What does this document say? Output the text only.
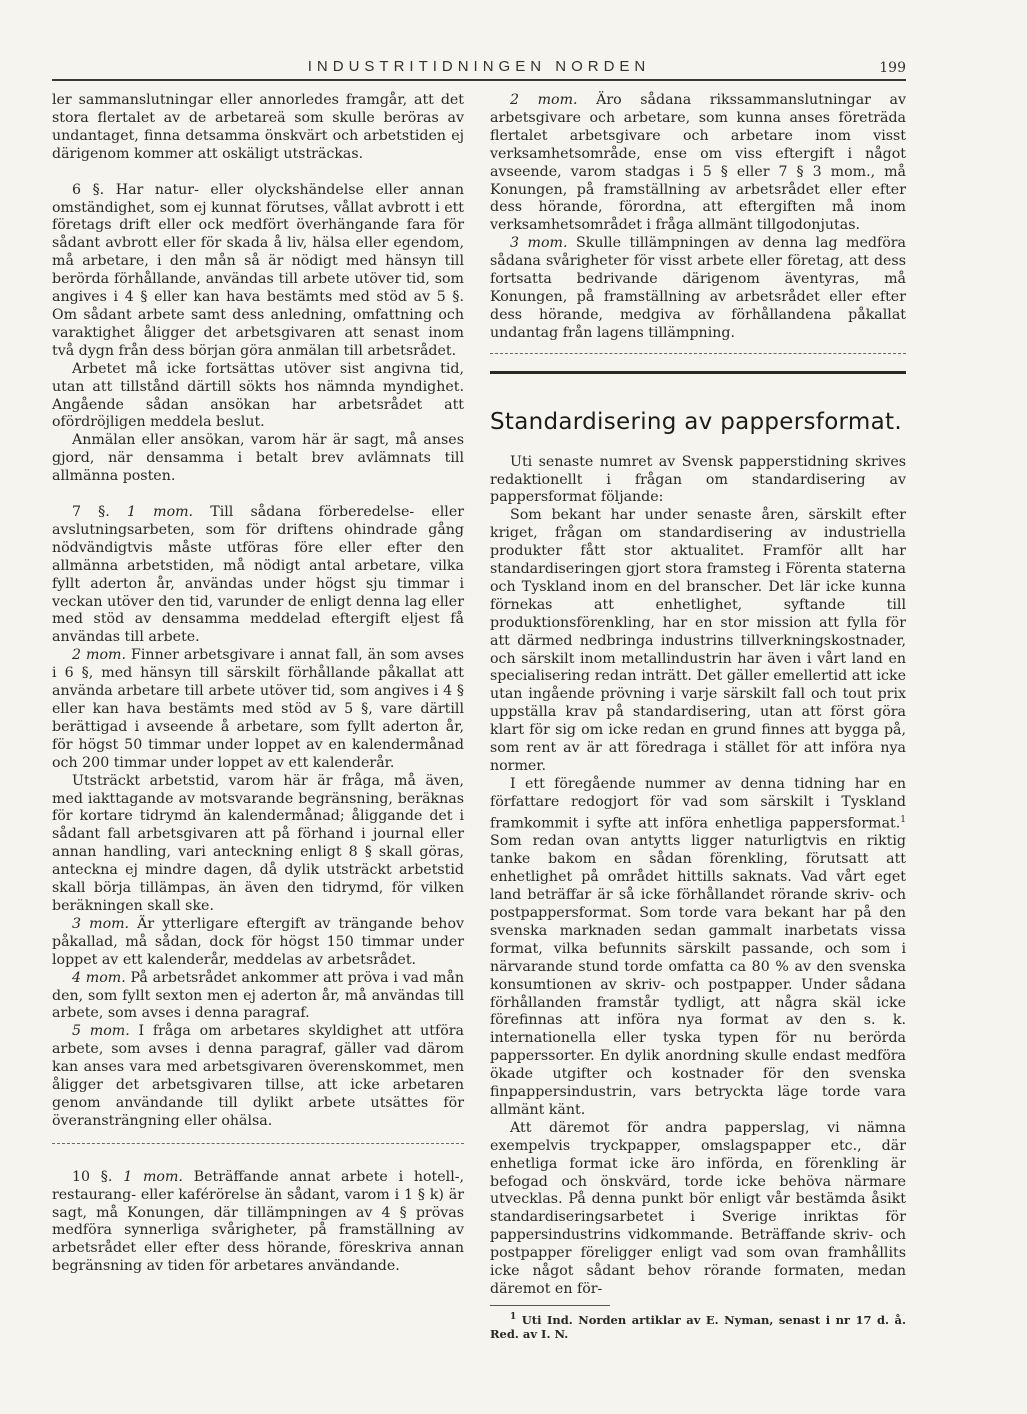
INDUSTRITIDNINGEN NORDEN	199

ler sammanslutningar eller annorledes framgår, att det stora flertalet av de arbetareä som skulle beröras av undantaget, finna detsamma önskvärt och arbetstiden ej därigenom kommer att oskäligt utsträckas.

6 §. Har natur- eller olyckshändelse eller annan omständighet, som ej kunnat förutses, vållat avbrott i ett företags drift eller ock medfört överhängande fara för sådant avbrott eller för skada å liv, hälsa eller egendom, må arbetare, i den mån så är nödigt med hänsyn till berörda förhållande, användas till arbete utöver tid, som angives i 4 § eller kan hava bestämts med stöd av 5 §. Om sådant arbete samt dess anledning, omfattning och varaktighet åligger det arbetsgivaren att senast inom två dygn från dess början göra anmälan till arbetsrådet.

Arbetet må icke fortsättas utöver sist angivna tid, utan att tillstånd därtill sökts hos nämnda myndighet. Angående sådan ansökan har arbetsrådet att ofördröjligen meddela beslut.

Anmälan eller ansökan, varom här är sagt, må anses gjord, när densamma i betalt brev avlämnats till allmänna posten.

7 §. 1 mom. Till sådana förberedelse- eller avslutningsarbeten, som för driftens ohindrade gång nödvändigtvis måste utföras före eller efter den allmänna arbetstiden, må nödigt antal arbetare, vilka fyllt aderton år, användas under högst sju timmar i veckan utöver den tid, varunder de enligt denna lag eller med stöd av densamma meddelad eftergift eljest få användas till arbete.

2 mom. Finner arbetsgivare i annat fall, än som avses i 6 §, med hänsyn till särskilt förhållande påkallat att använda arbetare till arbete utöver tid, som angives i 4 § eller kan hava bestämts med stöd av 5 §, vare därtill berättigad i avseende å arbetare, som fyllt aderton år, för högst 50 timmar under loppet av en kalendermånad och 200 timmar under loppet av ett kalenderår.

Utsträckt arbetstid, varom här är fråga, må även, med iakttagande av motsvarande begränsning, beräknas för kortare tidrymd än kalendermånad; åliggande det i sådant fall arbetsgivaren att på förhand i journal eller annan handling, vari anteckning enligt 8 § skall göras, anteckna ej mindre dagen, då dylik utsträckt arbetstid skall börja tillämpas, än även den tidrymd, för vilken beräkningen skall ske.

3 mom. Är ytterligare eftergift av trängande behov påkallad, må sådan, dock för högst 150 timmar under loppet av ett kalenderår, meddelas av arbetsrådet.

4 mom. På arbetsrådet ankommer att pröva i vad mån den, som fyllt sexton men ej aderton år, må användas till arbete, som avses i denna paragraf.

5 mom. I fråga om arbetares skyldighet att utföra arbete, som avses i denna paragraf, gäller vad därom kan anses vara med arbetsgivaren överenskommet, men åligger det arbetsgivaren tillse, att icke arbetaren genom användande till dylikt arbete utsättes för överansträngning eller ohälsa.

10 §. 1 mom. Beträffande annat arbete i hotell-, restaurang- eller kaférörelse än sådant, varom i 1 § k) är sagt, må Konungen, där tillämpningen av 4 § prövas medföra synnerliga svårigheter, på framställning av arbetsrådet eller efter dess hörande, föreskriva annan begränsning av tiden för arbetares användande.

2 mom. Äro sådana rikssammanslutningar av arbetsgivare och arbetare, som kunna anses företräda flertalet arbetsgivare och arbetare inom visst verksamhetsområde, ense om viss eftergift i något avseende, varom stadgas i 5 § eller 7 § 3 mom., må Konungen, på framställning av arbetsrådet eller efter dess hörande, förordna, att eftergiften må inom verksamhetsområdet i fråga allmänt tillgodonjutas.

3 mom. Skulle tillämpningen av denna lag medföra sådana svårigheter för visst arbete eller företag, att dess fortsatta bedrivande därigenom äventyras, må Konungen, på framställning av arbetsrådet eller efter dess hörande, medgiva av förhållandena påkallat undantag från lagens tillämpning.

Standardisering av pappersformat.

Uti senaste numret av Svensk papperstidning skrives redaktionellt i frågan om standardisering av pappersformat följande:

Som bekant har under senaste åren, särskilt efter kriget, frågan om standardisering av industriella produkter fått stor aktualitet. Framför allt har standardiseringen gjort stora framsteg i Förenta staterna och Tyskland inom en del branscher. Det lär icke kunna förnekas att enhetlighet, syftande till produktionsförenkling, har en stor mission att fylla för att därmed nedbringa industrins tillverkningskostnader, och särskilt inom metallindustrin har även i vårt land en specialisering redan inträtt. Det gäller emellertid att icke utan ingående prövning i varje särskilt fall och tout prix uppställa krav på standardisering, utan att först göra klart för sig om icke redan en grund finnes att bygga på, som rent av är att föredraga i stället för att införa nya normer.

I ett föregående nummer av denna tidning har en författare redogjort för vad som särskilt i Tyskland framkommit i syfte att införa enhetliga pappersformat.$^1$ Som redan ovan antytts ligger naturligtvis en riktig tanke bakom en sådan förenkling, förutsatt att enhetlighet på området hittills saknats. Vad vårt eget land beträffar är så icke förhållandet rörande skriv- och postpappersformat. Som torde vara bekant har på den svenska marknaden sedan gammalt inarbetats vissa format, vilka befunnits särskilt passande, och som i närvarande stund torde omfatta ca 80 % av den svenska konsumtionen av skriv- och postpapper. Under sådana förhållanden framstår tydligt, att några skäl icke förefinnas att införa nya format av den s. k. internationella eller tyska typen för nu berörda papperssorter. En dylik anordning skulle endast medföra ökade utgifter och kostnader för den svenska finpappersindustrin, vars betryckta läge torde vara allmänt känt.

Att däremot för andra papperslag, vi nämna exempelvis tryckpapper, omslagspapper etc., där enhetliga format icke äro införda, en förenkling är befogad och önskvärd, torde icke behöva närmare utvecklas. På denna punkt bör enligt vår bestämda åsikt standardiseringsarbetet i Sverige inriktas för pappersindustrins vidkommande. Beträffande skriv- och postpapper föreligger enligt vad som ovan framhållits icke något sådant behov rörande formaten, medan däremot en för-

$^1$ Uti Ind. Norden artiklar av E. Nyman, senast i nr 17 d. å. Red. av I. N.
